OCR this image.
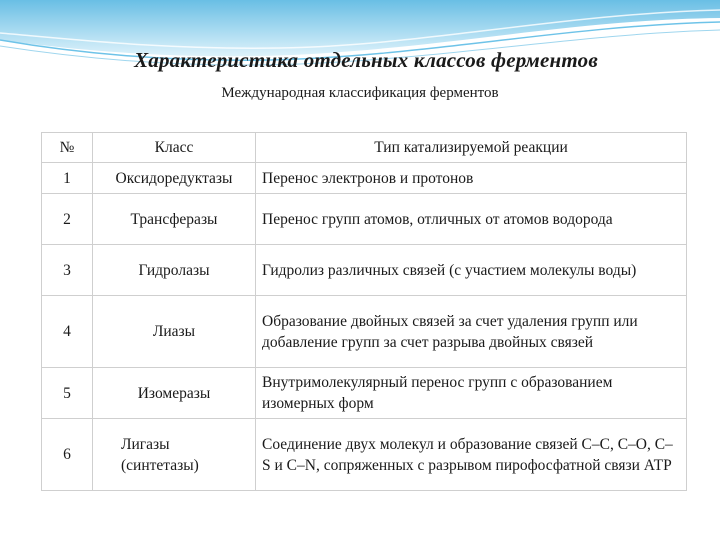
Характеристика отдельных классов ферментов
Международная классификация ферментов
№	Класс	Тип катализируемой реакции
1	Оксидоредуктазы	Перенос электронов и протонов
2	Трансферазы	Перенос групп атомов, отличных от атомов водорода
3	Гидролазы	Гидролиз различных связей (с участием молекулы воды)
4	Лиазы	Образование двойных связей за счет удаления групп или добавление групп за счет разрыва двойных связей
5	Изомеразы	Внутримолекулярный перенос групп с образованием изомерных форм
6	Лигазы (синтетазы)	Соединение двух молекул и образование связей С–С, С–О, С–S и С–N, сопряженных с разрывом пирофосфатной связи АТР
